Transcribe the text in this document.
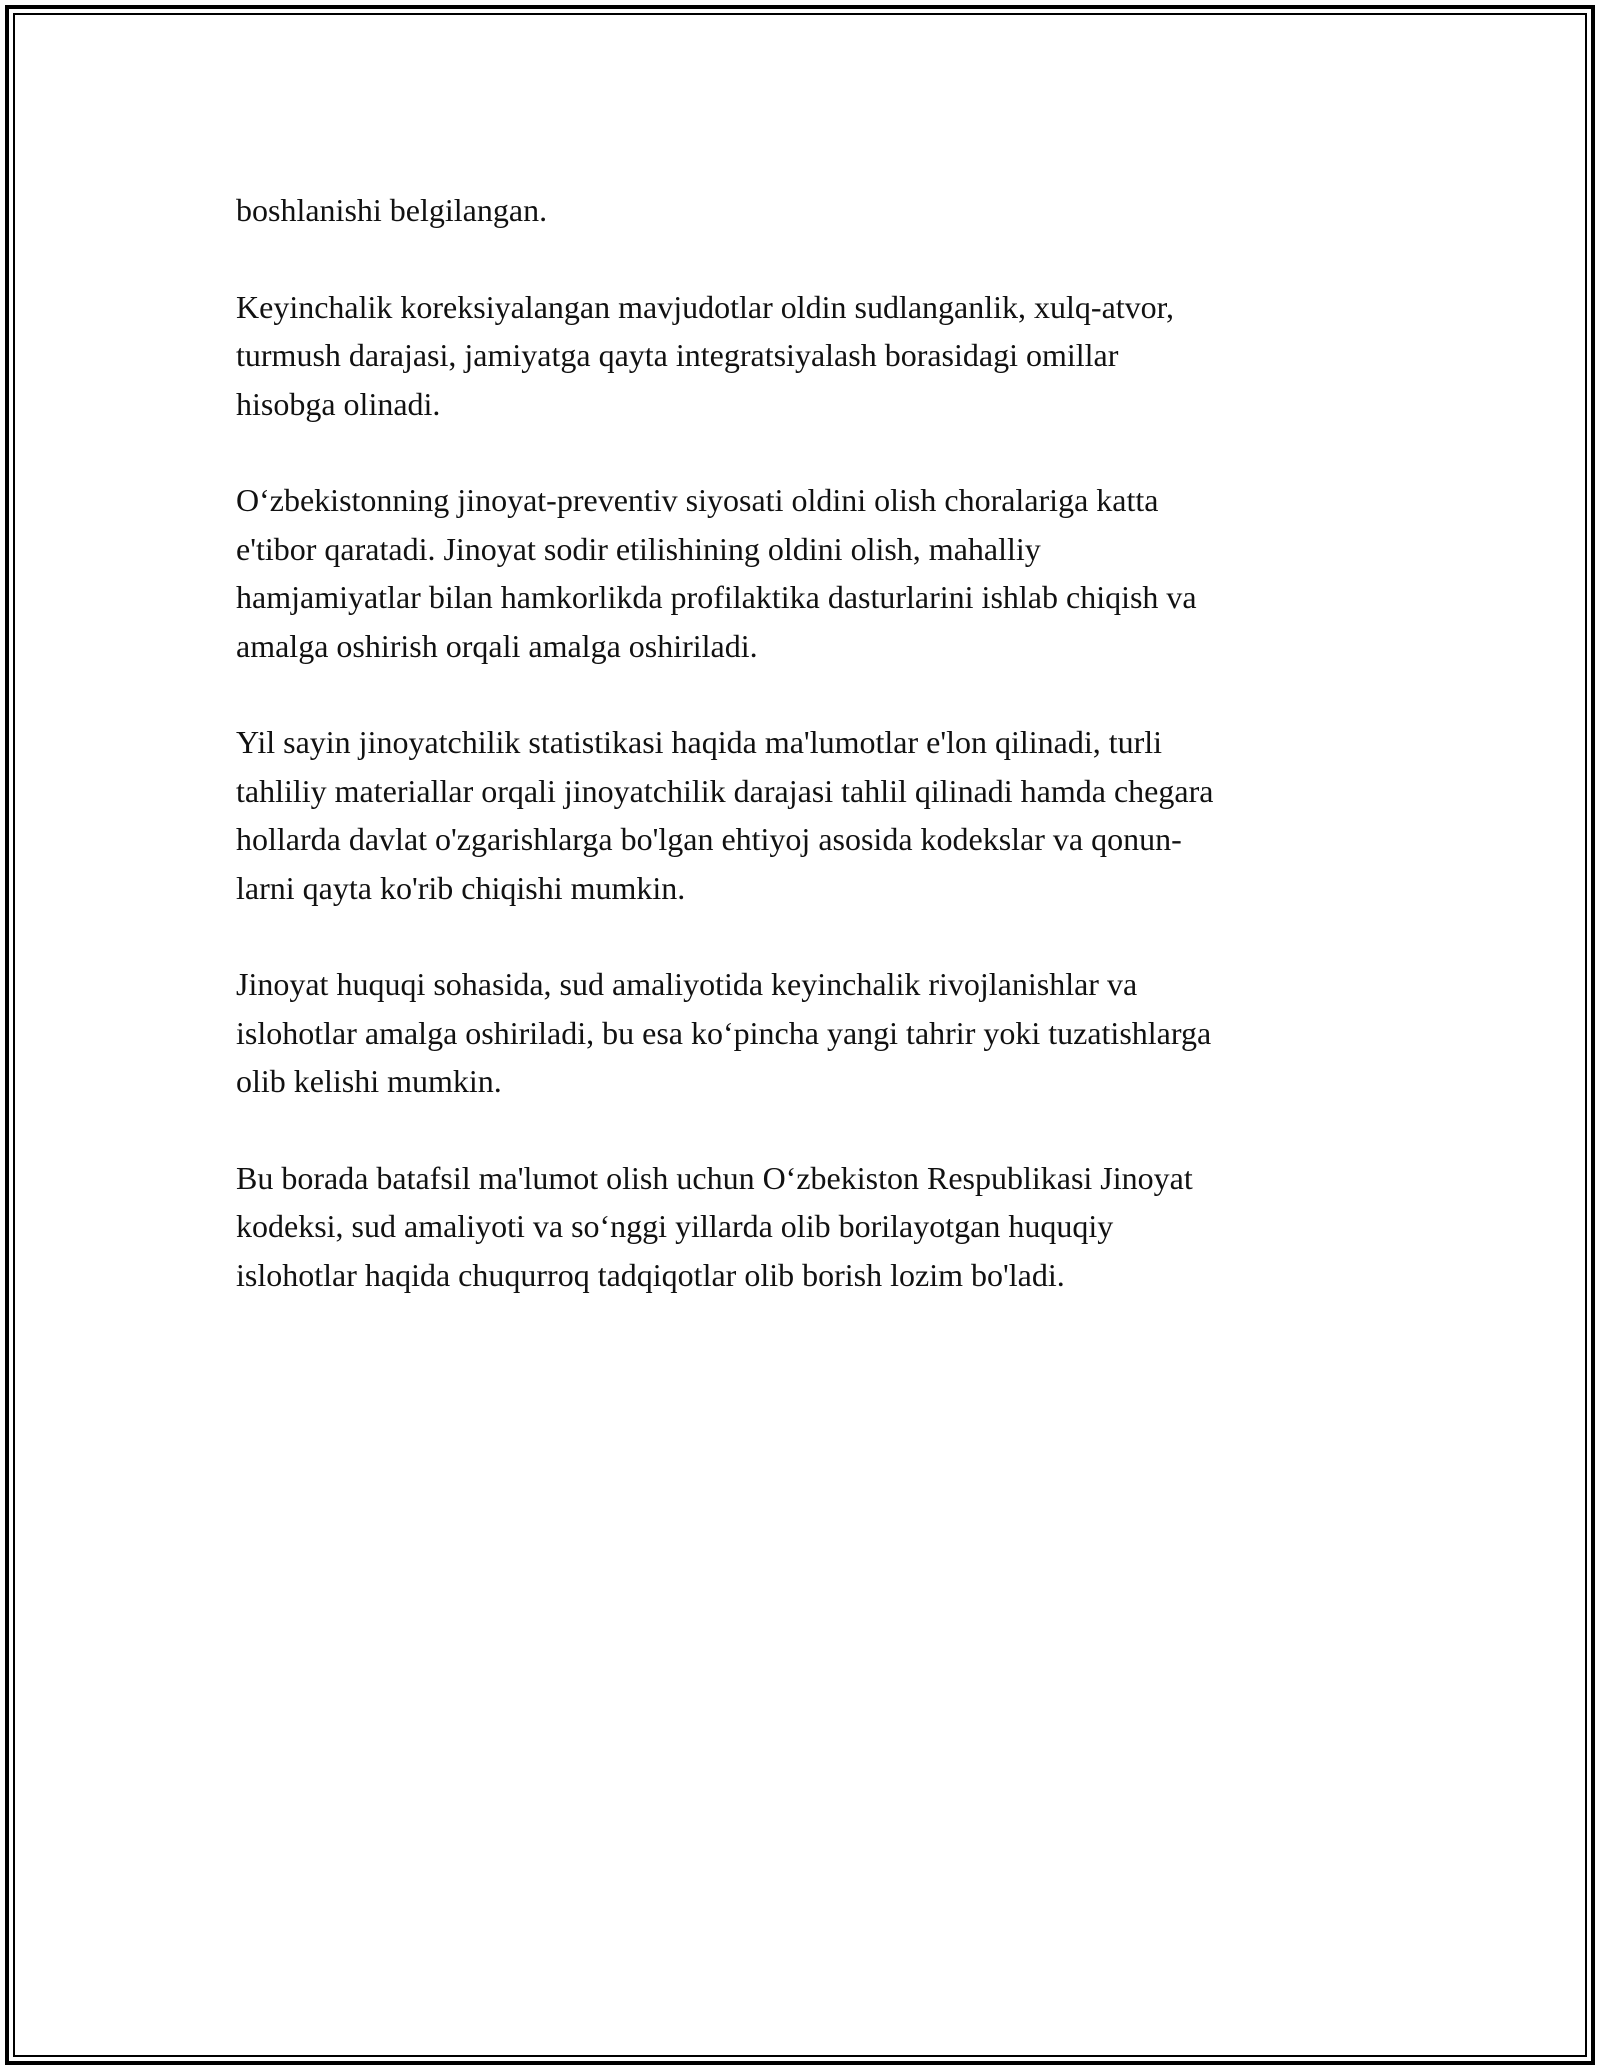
boshlanishi belgilangan.

Keyinchalik koreksiyalangan mavjudotlar oldin sudlanganlik, xulq-atvor,
turmush darajasi, jamiyatga qayta integratsiyalash borasidagi omillar
hisobga olinadi.

O‘zbekistonning jinoyat-preventiv siyosati oldini olish choralariga katta
e'tibor qaratadi. Jinoyat sodir etilishining oldini olish, mahalliy
hamjamiyatlar bilan hamkorlikda profilaktika dasturlarini ishlab chiqish va
amalga oshirish orqali amalga oshiriladi.

Yil sayin jinoyatchilik statistikasi haqida ma'lumotlar e'lon qilinadi, turli
tahliliy materiallar orqali jinoyatchilik darajasi tahlil qilinadi hamda chegara
hollarda davlat o'zgarishlarga bo'lgan ehtiyoj asosida kodekslar va qonun-
larni qayta ko'rib chiqishi mumkin.

Jinoyat huquqi sohasida, sud amaliyotida keyinchalik rivojlanishlar va
islohotlar amalga oshiriladi, bu esa ko‘pincha yangi tahrir yoki tuzatishlarga
olib kelishi mumkin.

Bu borada batafsil ma'lumot olish uchun O‘zbekiston Respublikasi Jinoyat
kodeksi, sud amaliyoti va so‘nggi yillarda olib borilayotgan huquqiy
islohotlar haqida chuqurroq tadqiqotlar olib borish lozim bo'ladi.
